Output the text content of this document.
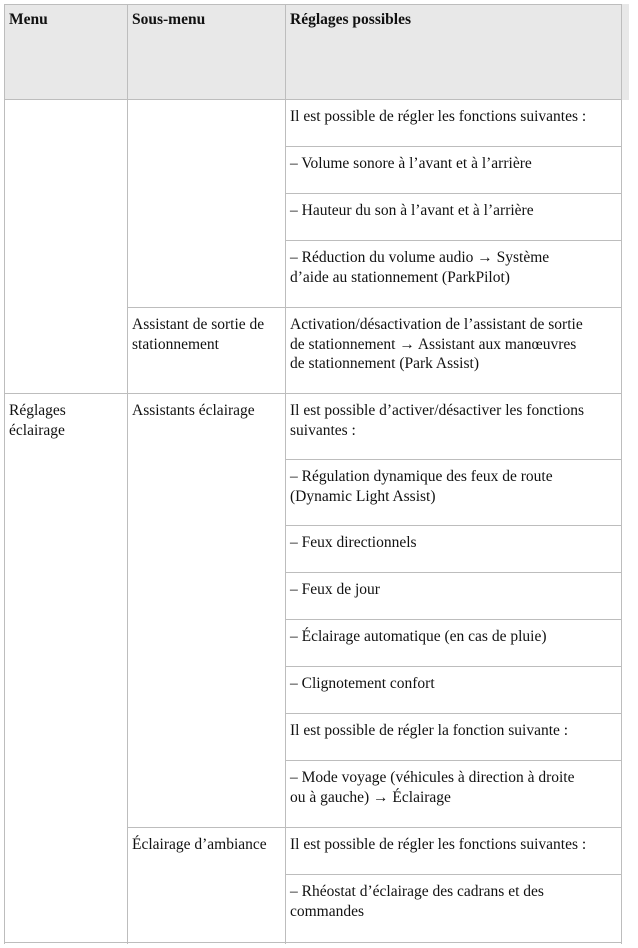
Menu	Sous-menu	Réglages possibles
Il est possible de régler les fonctions suivantes :
– Volume sonore à l’avant et à l’arrière
– Hauteur du son à l’avant et à l’arrière
– Réduction du volume audio → Système
d’aide au stationnement (ParkPilot)
Assistant de sortie de
stationnement
Activation/désactivation de l’assistant de sortie
de stationnement → Assistant aux manœuvres
de stationnement (Park Assist)
Réglages
éclairage
Assistants éclairage Il est possible d’activer/désactiver les fonctions
suivantes :
– Régulation dynamique des feux de route
(Dynamic Light Assist)
– Feux directionnels
– Feux de jour
– Éclairage automatique (en cas de pluie)
– Clignotement confort
Il est possible de régler la fonction suivante :
– Mode voyage (véhicules à direction à droite
ou à gauche) → Éclairage
Éclairage d’ambiance Il est possible de régler les fonctions suivantes :
– Rhéostat d’éclairage des cadrans et des
commandes
